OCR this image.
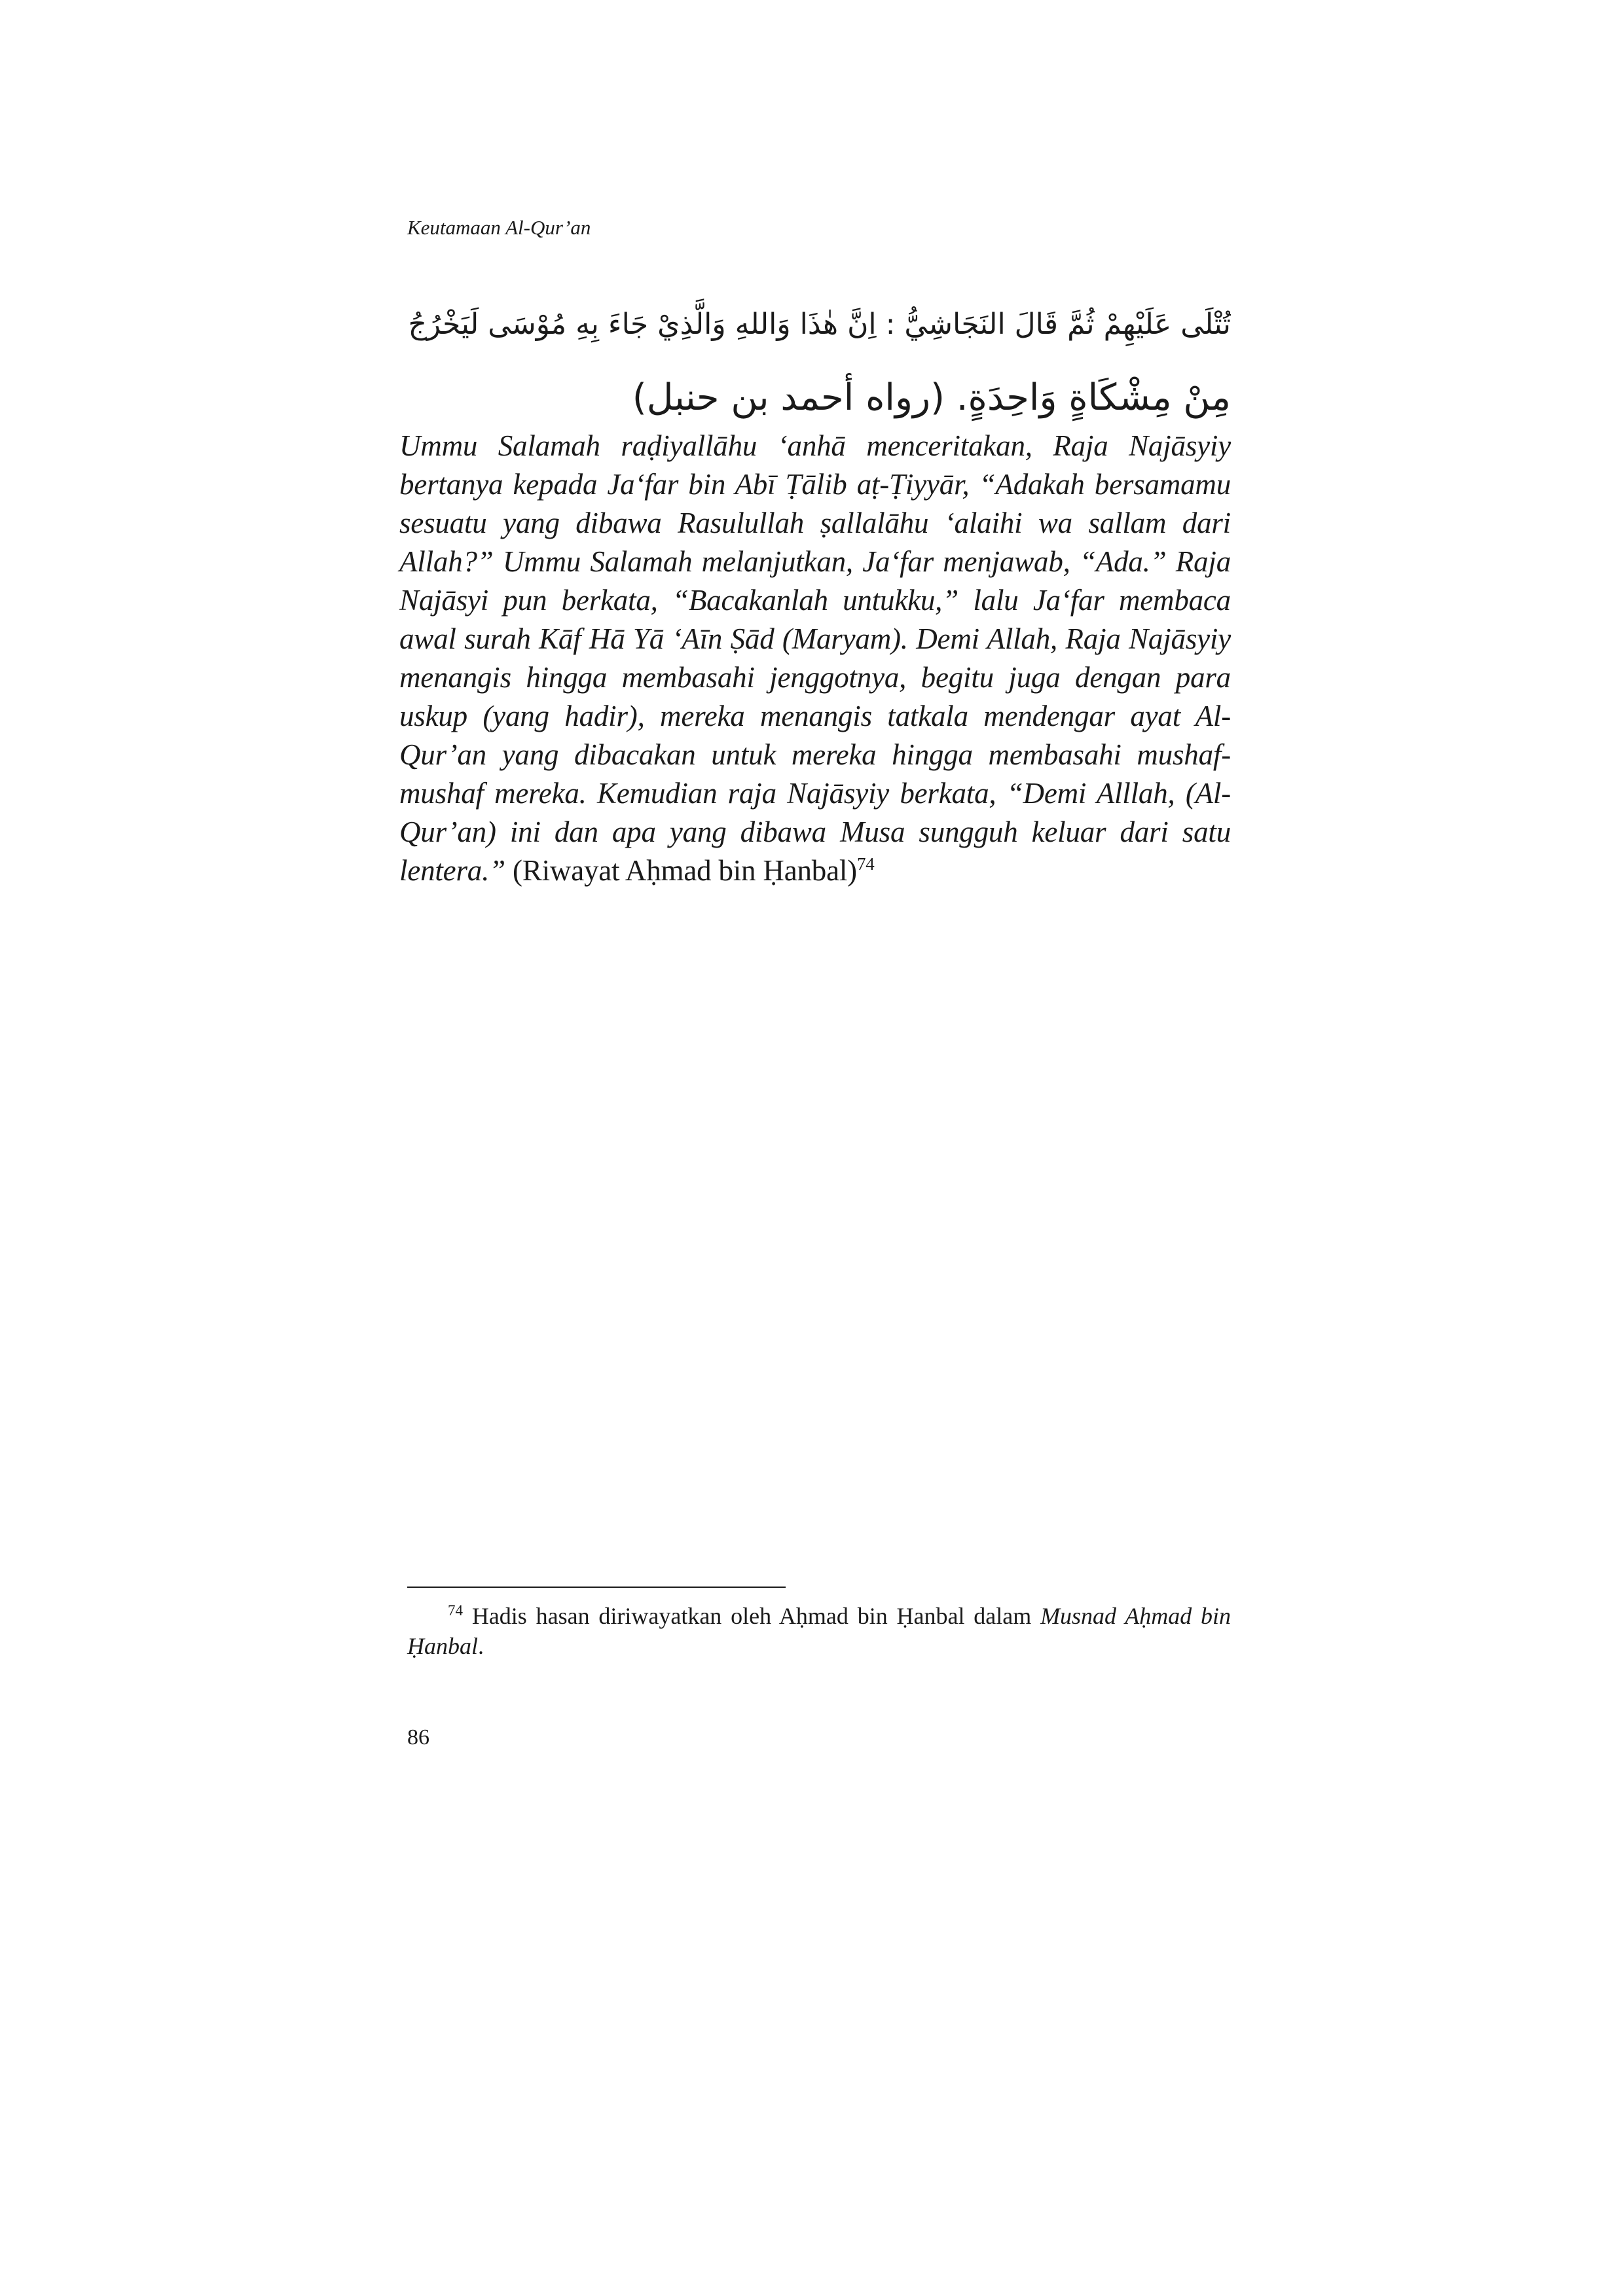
Keutamaan Al-Qur’an
تُتْلَى عَلَيْهِمْ ثُمَّ قَالَ النَجَاشِيُّ : اِنَّ هٰذَا وَاللهِ وَالَّذِيْ جَاءَ بِهِ مُوْسَى لَيَخْرُجُ
مِنْ مِشْكَاةٍ وَاحِدَةٍ. (رواه أحمد بن حنبل)
Ummu Salamah raḍiyallāhu ‘anhā menceritakan, Raja Najāsyiy bertanya kepada Ja‘far bin Abī Ṭālib aṭ-Ṭiyyār, “Adakah bersamamu sesuatu yang dibawa Rasulullah ṣallalāhu ‘alaihi wa sallam dari Allah?” Ummu Salamah melanjutkan, Ja‘far menjawab, “Ada.” Raja Najāsyi pun berkata, “Bacakanlah untukku,” lalu Ja‘far membaca awal surah Kāf Hā Yā ‘Aīn Ṣād (Maryam). Demi Allah, Raja Najāsyiy menangis hingga membasahi jenggotnya, begitu juga dengan para uskup (yang hadir), mereka menangis tatkala mendengar ayat Al-Qur’an yang dibacakan untuk mereka hingga membasahi mushaf-mushaf mereka. Kemudian raja Najāsyiy berkata, “Demi Alllah, (Al-Qur’an) ini dan apa yang dibawa Musa sungguh keluar dari satu lentera.” (Riwayat Aḥmad bin Ḥanbal)$^{74}$
$^{74}$ Hadis hasan diriwayatkan oleh Aḥmad bin Ḥanbal dalam Musnad Aḥmad bin Ḥanbal.
86
